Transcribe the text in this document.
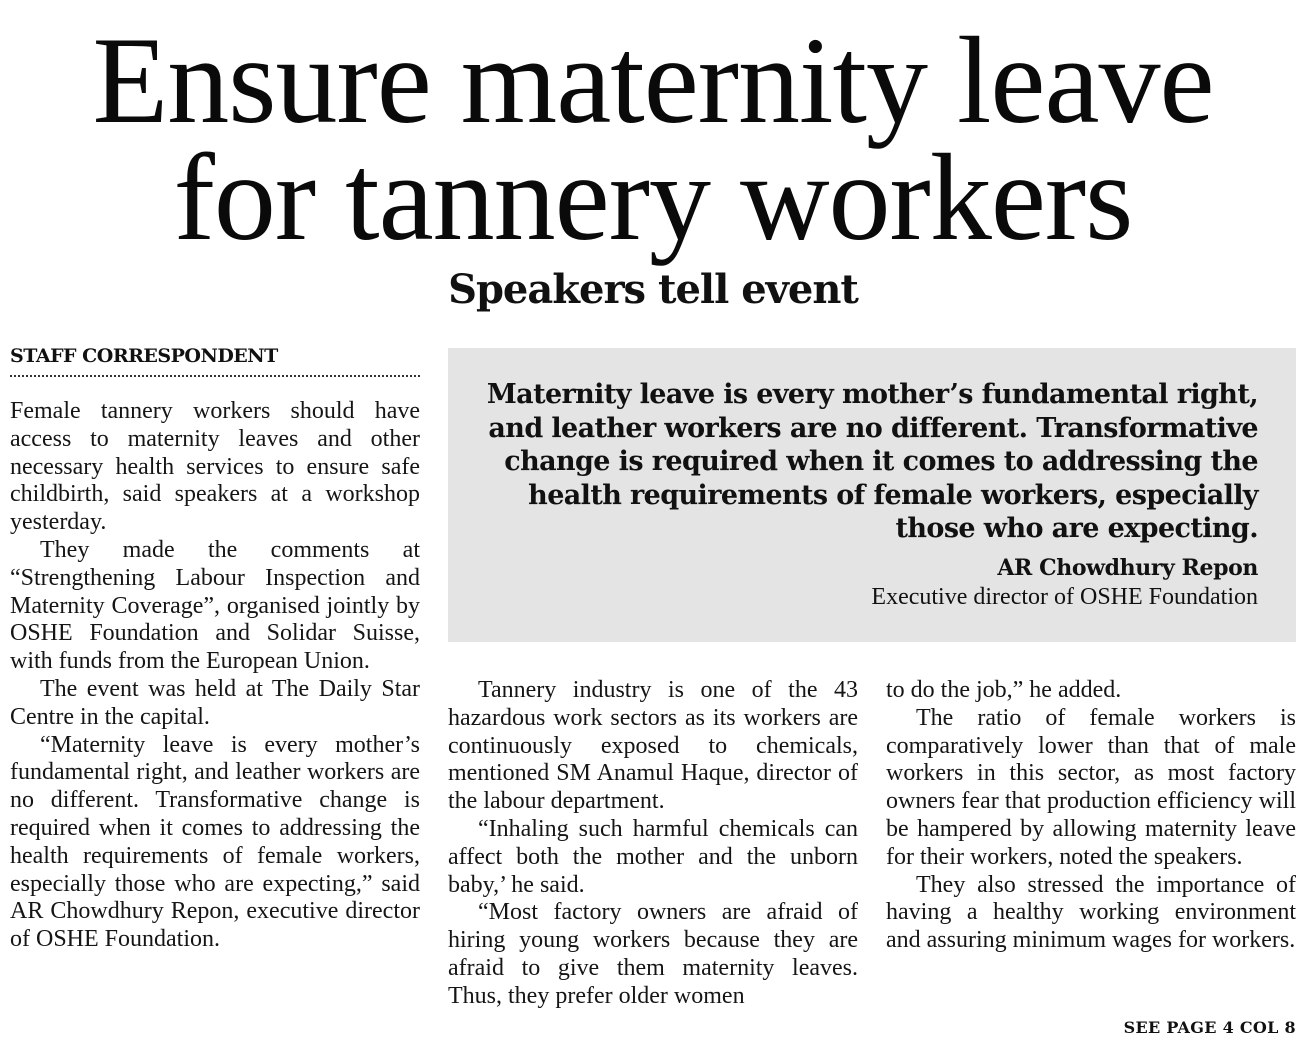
Ensure maternity leave
for tannery workers
Speakers tell event
STAFF CORRESPONDENT

Female tannery workers should have access to maternity leaves and other necessary health services to ensure safe childbirth, said speakers at a workshop yesterday.

They made the comments at “Strengthening Labour Inspection and Maternity Coverage”, organised jointly by OSHE Foundation and Solidar Suisse, with funds from the European Union.

The event was held at The Daily Star Centre in the capital.

“Maternity leave is every mother’s fundamental right, and leather workers are no different. Transformative change is required when it comes to addressing the health requirements of female workers, especially those who are expecting,” said AR Chowdhury Repon, executive director of OSHE Foundation.

Maternity leave is every mother’s fundamental right, and leather workers are no different. Transformative change is required when it comes to addressing the health requirements of female workers, especially those who are expecting.

AR Chowdhury Repon
Executive director of OSHE Foundation

Tannery industry is one of the 43 hazardous work sectors as its workers are continuously exposed to chemicals, mentioned SM Anamul Haque, director of the labour department.

“Inhaling such harmful chemicals can affect both the mother and the unborn baby,’ he said.

“Most factory owners are afraid of hiring young workers because they are afraid to give them maternity leaves. Thus, they prefer older women

to do the job,” he added.

The ratio of female workers is comparatively lower than that of male workers in this sector, as most factory owners fear that production efficiency will be hampered by allowing maternity leave for their workers, noted the speakers.

They also stressed the importance of having a healthy working environment and assuring minimum wages for workers.

SEE PAGE 4 COL 8
